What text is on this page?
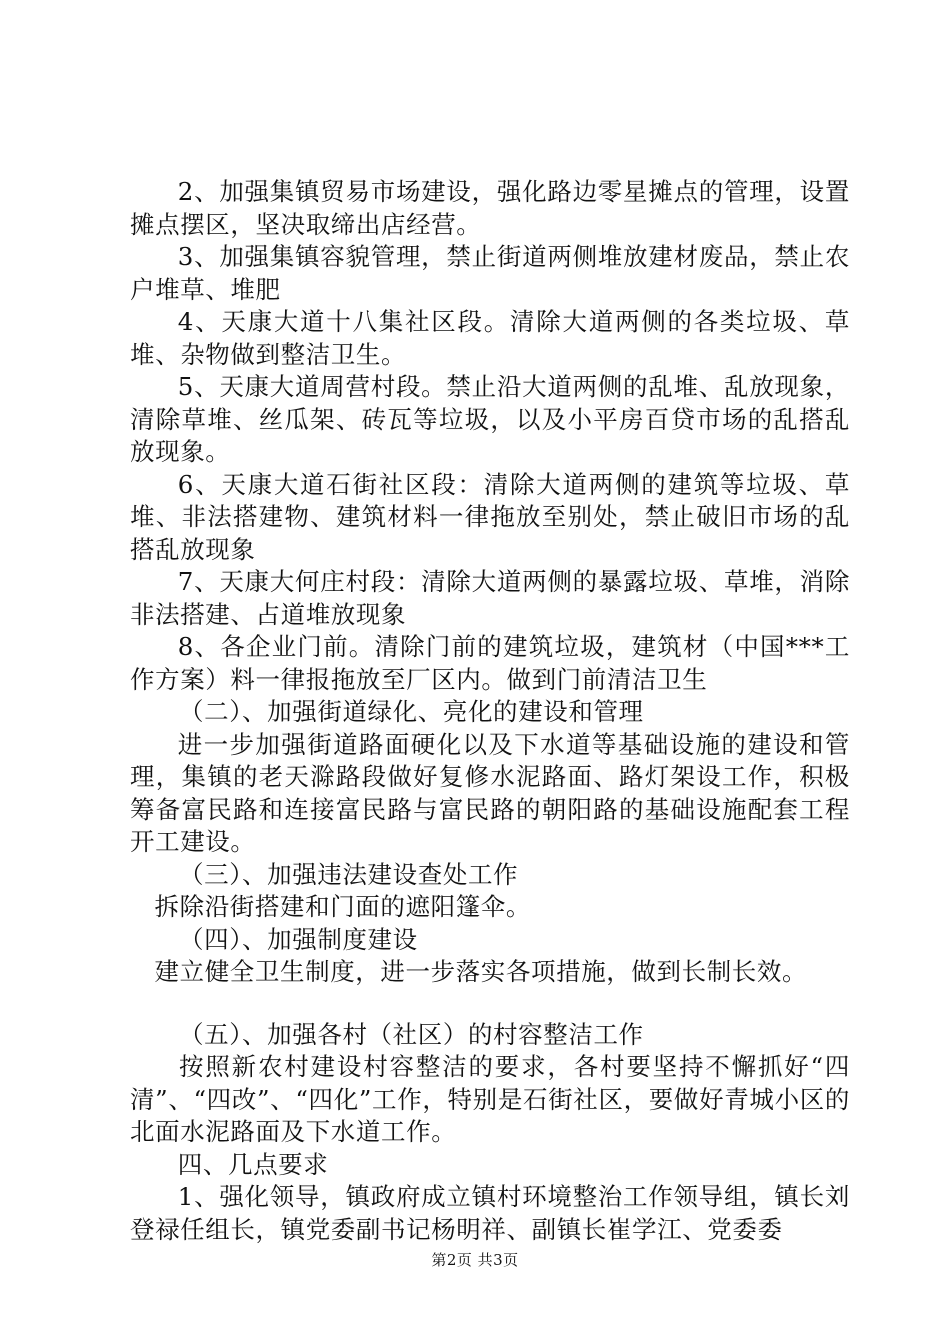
2、加强集镇贸易市场建设，强化路边零星摊点的管理，设置摊点摆区，坚决取缔出店经营。

3、加强集镇容貌管理，禁止街道两侧堆放建材废品，禁止农户堆草、堆肥

4、天康大道十八集社区段。清除大道两侧的各类垃圾、草堆、杂物做到整洁卫生。

5、天康大道周营村段。禁止沿大道两侧的乱堆、乱放现象，清除草堆、丝瓜架、砖瓦等垃圾，以及小平房百贷市场的乱搭乱放现象。

6、天康大道石街社区段：清除大道两侧的建筑等垃圾、草堆、非法搭建物、建筑材料一律拖放至别处，禁止破旧市场的乱搭乱放现象

7、天康大何庄村段：清除大道两侧的暴露垃圾、草堆，消除非法搭建、占道堆放现象

8、各企业门前。清除门前的建筑垃圾，建筑材（中国***工作方案）料一律报拖放至厂区内。做到门前清洁卫生

（二）、加强街道绿化、亮化的建设和管理

进一步加强街道路面硬化以及下水道等基础设施的建设和管理，集镇的老天滁路段做好复修水泥路面、路灯架设工作，积极筹备富民路和连接富民路与富民路的朝阳路的基础设施配套工程开工建设。

（三）、加强违法建设查处工作

拆除沿街搭建和门面的遮阳篷伞。

（四）、加强制度建设

建立健全卫生制度，进一步落实各项措施，做到长制长效。

（五）、加强各村（社区）的村容整洁工作

按照新农村建设村容整洁的要求，各村要坚持不懈抓好“四清”、“四改”、“四化”工作，特别是石街社区，要做好青城小区的北面水泥路面及下水道工作。

四、几点要求

1、强化领导，镇政府成立镇村环境整治工作领导组，镇长刘登禄任组长，镇党委副书记杨明祥、副镇长崔学江、党委委

第2页 共3页
